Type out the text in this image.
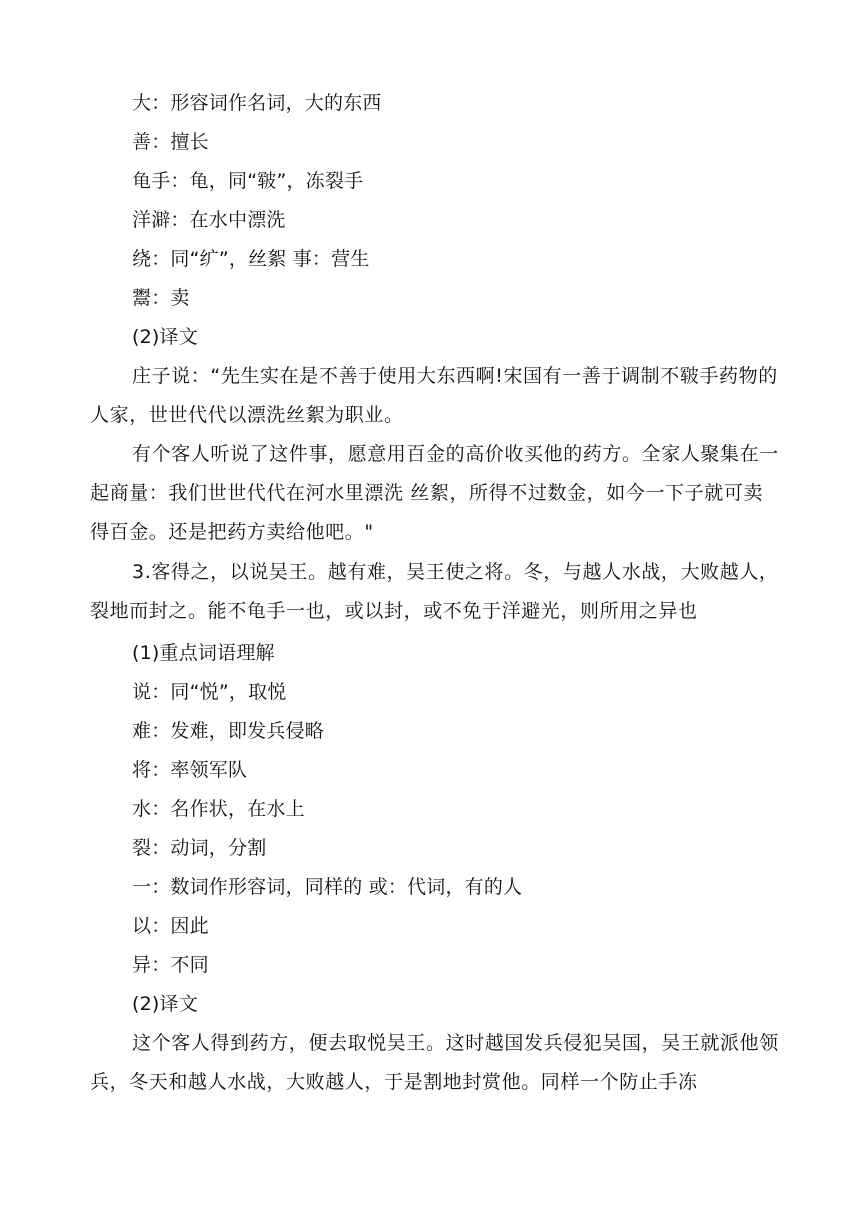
大：形容词作名词，大的东西
善：擅长
龟手：龟，同“皲”，冻裂手
洋澼：在水中漂洗
绕：同“纩”，丝絮 事：营生
鬻：卖
(2)译文
庄子说：“先生实在是不善于使用大东西啊!宋国有一善于调制不皲手药物的人家，世世代代以漂洗丝絮为职业。
有个客人听说了这件事，愿意用百金的高价收买他的药方。全家人聚集在一起商量：我们世世代代在河水里漂洗 丝絮，所得不过数金，如今一下子就可卖得百金。还是把药方卖给他吧。"
3.客得之，以说吴王。越有难，吴王使之将。冬，与越人水战，大败越人，裂地而封之。能不龟手一也，或以封，或不免于洋避光，则所用之异也
(1)重点词语理解
说：同“悦”，取悦
难：发难，即发兵侵略
将：率领军队
水：名作状，在水上
裂：动词，分割
一：数词作形容词，同样的 或：代词，有的人
以：因此
异：不同
(2)译文
这个客人得到药方，便去取悦吴王。这时越国发兵侵犯吴国，吴王就派他领兵，冬天和越人水战，大败越人，于是割地封赏他。同样一个防止手冻
